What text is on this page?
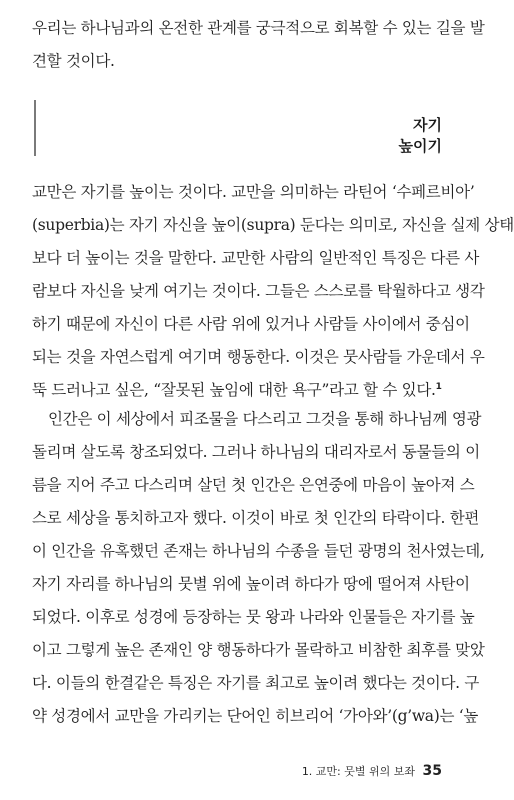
우리는 하나님과의 온전한 관계를 궁극적으로 회복할 수 있는 길을 발
견할 것이다.

자기
높이기

교만은 자기를 높이는 것이다. 교만을 의미하는 라틴어 ‘수페르비아’
(superbia)는 자기 자신을 높이(supra) 둔다는 의미로, 자신을 실제 상태
보다 더 높이는 것을 말한다. 교만한 사람의 일반적인 특징은 다른 사
람보다 자신을 낮게 여기는 것이다. 그들은 스스로를 탁월하다고 생각
하기 때문에 자신이 다른 사람 위에 있거나 사람들 사이에서 중심이
되는 것을 자연스럽게 여기며 행동한다. 이것은 뭇사람들 가운데서 우
뚝 드러나고 싶은, “잘못된 높임에 대한 욕구”라고 할 수 있다.$^1$

인간은 이 세상에서 피조물을 다스리고 그것을 통해 하나님께 영광
돌리며 살도록 창조되었다. 그러나 하나님의 대리자로서 동물들의 이
름을 지어 주고 다스리며 살던 첫 인간은 은연중에 마음이 높아져 스
스로 세상을 통치하고자 했다. 이것이 바로 첫 인간의 타락이다. 한편
이 인간을 유혹했던 존재는 하나님의 수종을 들던 광명의 천사였는데,
자기 자리를 하나님의 뭇별 위에 높이려 하다가 땅에 떨어져 사탄이
되었다. 이후로 성경에 등장하는 뭇 왕과 나라와 인물들은 자기를 높
이고 그렇게 높은 존재인 양 행동하다가 몰락하고 비참한 최후를 맞았
다. 이들의 한결같은 특징은 자기를 최고로 높이려 했다는 것이다. 구
약 성경에서 교만을 가리키는 단어인 히브리어 ‘가아와’(g’wa)는 ‘높

1. 교만: 뭇별 위의 보좌 35
